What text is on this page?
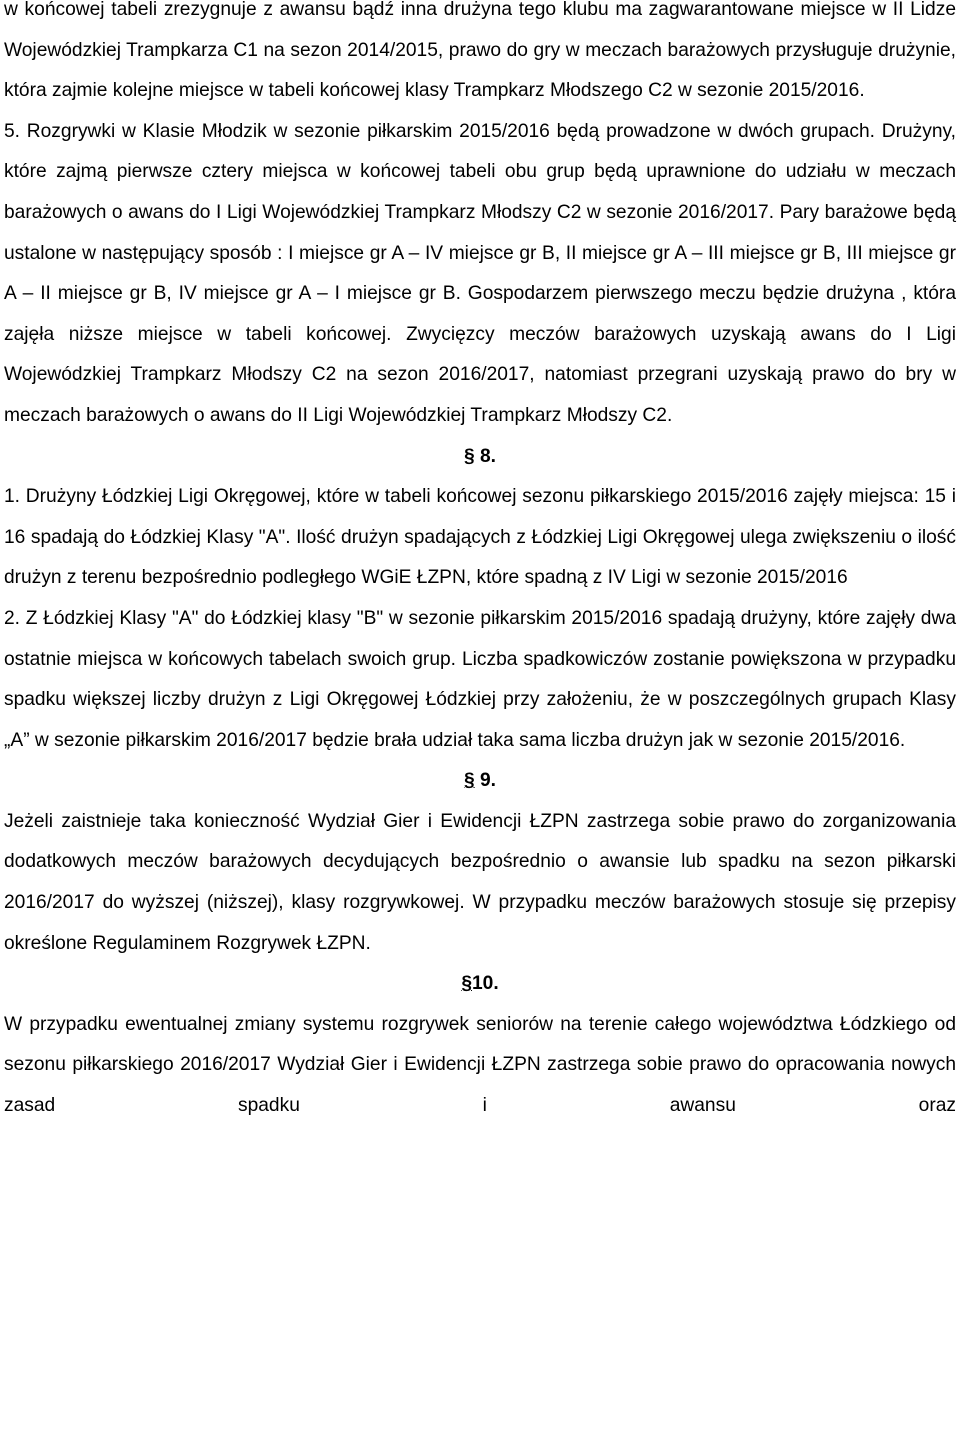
w końcowej tabeli zrezygnuje z awansu bądź inna drużyna tego klubu ma zagwarantowane miejsce w II Lidze Wojewódzkiej Trampkarza C1 na sezon 2014/2015, prawo do gry w meczach barażowych przysługuje drużynie, która zajmie kolejne miejsce w tabeli końcowej klasy Trampkarz Młodszego C2 w sezonie 2015/2016.

5. Rozgrywki w Klasie Młodzik w sezonie piłkarskim 2015/2016 będą prowadzone w dwóch grupach. Drużyny, które zajmą pierwsze cztery miejsca w końcowej tabeli obu grup będą uprawnione do udziału w meczach barażowych o awans do I Ligi Wojewódzkiej Trampkarz Młodszy C2 w sezonie 2016/2017. Pary barażowe będą ustalone w następujący sposób : I miejsce gr A – IV miejsce gr B, II miejsce gr A – III miejsce gr B, III miejsce gr A – II miejsce gr B, IV miejsce gr A – I miejsce gr B. Gospodarzem pierwszego meczu będzie drużyna , która zajęła niższe miejsce w tabeli końcowej. Zwycięzcy meczów barażowych uzyskają awans do I Ligi Wojewódzkiej Trampkarz Młodszy C2 na sezon 2016/2017, natomiast przegrani uzyskają prawo do bry w meczach barażowych o awans do II Ligi Wojewódzkiej Trampkarz Młodszy C2.

§ 8.

1. Drużyny Łódzkiej Ligi Okręgowej, które w tabeli końcowej sezonu piłkarskiego 2015/2016 zajęły miejsca: 15 i 16 spadają do Łódzkiej Klasy "A". Ilość drużyn spadających z Łódzkiej Ligi Okręgowej ulega zwiększeniu o ilość drużyn z terenu bezpośrednio podległego WGiE ŁZPN, które spadną z IV Ligi w sezonie 2015/2016

2. Z Łódzkiej Klasy "A" do Łódzkiej klasy "B" w sezonie piłkarskim 2015/2016 spadają drużyny, które zajęły dwa ostatnie miejsca w końcowych tabelach swoich grup. Liczba spadkowiczów zostanie powiększona w przypadku spadku większej liczby drużyn z Ligi Okręgowej Łódzkiej przy założeniu, że w poszczególnych grupach Klasy „A” w sezonie piłkarskim 2016/2017 będzie brała udział taka sama liczba drużyn jak w sezonie 2015/2016.

§ 9.

Jeżeli zaistnieje taka konieczność Wydział Gier i Ewidencji ŁZPN zastrzega sobie prawo do zorganizowania dodatkowych meczów barażowych decydujących bezpośrednio o awansie lub spadku na sezon piłkarski 2016/2017 do wyższej (niższej), klasy rozgrywkowej. W przypadku meczów barażowych stosuje się przepisy określone Regulaminem Rozgrywek ŁZPN.

§10.

W przypadku ewentualnej zmiany systemu rozgrywek seniorów na terenie całego województwa Łódzkiego od sezonu piłkarskiego 2016/2017 Wydział Gier i Ewidencji ŁZPN zastrzega sobie prawo do opracowania nowych zasad spadku i awansu oraz
